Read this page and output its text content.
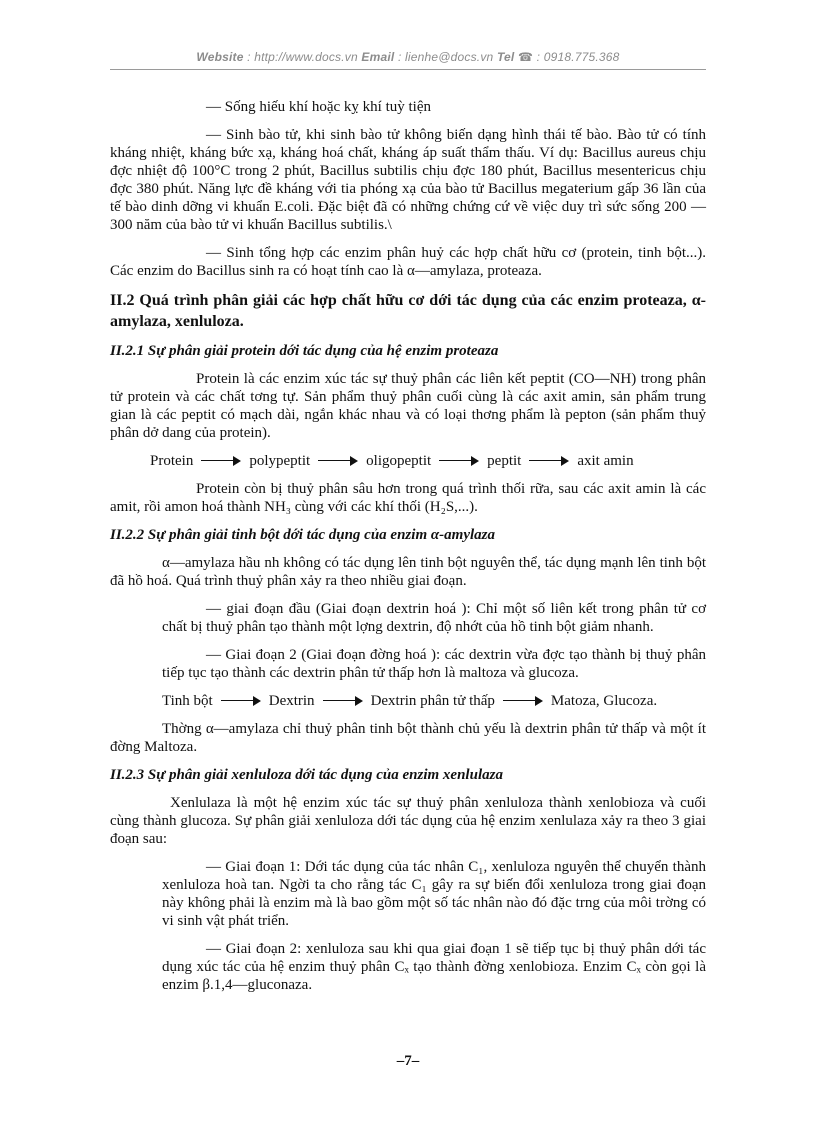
Website : http://www.docs.vn Email : lienhe@docs.vn Tel ☎ : 0918.775.368

— Sống hiếu khí hoặc kỵ khí tuỳ tiện

— Sinh bào tử, khi sinh bào tử không biến dạng hình thái tế bào. Bào tử có tính kháng nhiệt, kháng bức xạ, kháng hoá chất, kháng áp suất thẩm thấu. Ví dụ: Bacillus aureus chịu đợc nhiệt độ 100°C trong 2 phút, Bacillus subtilis chịu đợc 180 phút, Bacillus mesentericus chịu đợc 380 phút. Năng lực đề kháng với tia phóng xạ của bào tử Bacillus megaterium gấp 36 lần của tế bào dinh dỡng vi khuẩn E.coli. Đặc biệt đã có những chứng cứ về việc duy trì sức sống 200 — 300 năm của bào tử vi khuẩn Bacillus subtilis.\

— Sinh tổng hợp các enzim phân huỷ các hợp chất hữu cơ (protein, tinh bột...). Các enzim do Bacillus sinh ra có hoạt tính cao là α—amylaza, proteaza.

II.2 Quá trình phân giải các hợp chất hữu cơ dới tác dụng của các enzim proteaza, α-amylaza, xenluloza.
II.2.1 Sự phân giải protein dới tác dụng của hệ enzim proteaza

Protein là các enzim xúc tác sự thuỷ phân các liên kết peptit (CO—NH) trong phân tử protein và các chất tơng tự. Sản phẩm thuỷ phân cuối cùng là các axit amin, sản phẩm trung gian là các peptit có mạch dài, ngắn khác nhau và có loại thơng phẩm là pepton (sản phẩm thuỷ phân dở dang của protein).

Protein	polypeptit	oligopeptit	peptit	axit amin

Protein còn bị thuỷ phân sâu hơn trong quá trình thối rữa, sau các axit amin là các amit, rồi amon hoá thành NH₃ cùng với các khí thối (H₂S,...).

II.2.2 Sự phân giải tinh bột dới tác dụng của enzim α-amylaza

α—amylaza hầu nh không có tác dụng lên tinh bột nguyên thể, tác dụng mạnh lên tinh bột đã hồ hoá. Quá trình thuỷ phân xảy ra theo nhiều giai đoạn.

— giai đoạn đầu (Giai đoạn dextrin hoá ): Chỉ một số liên kết trong phân tử cơ chất bị thuỷ phân tạo thành một lợng dextrin, độ nhớt của hồ tinh bột giảm nhanh.

— Giai đoạn 2 (Giai đoạn đờng hoá ): các dextrin vừa đợc tạo thành bị thuỷ phân tiếp tục tạo thành các dextrin phân tử thấp hơn là maltoza và glucoza.

Tinh bột	Dextrin	Dextrin phân tử thấp	Matoza, Glucoza.

Thờng α—amylaza chỉ thuỷ phân tinh bột thành chủ yếu là dextrin phân tử thấp và một ít đờng Maltoza.

II.2.3 Sự phân giải xenluloza dới tác dụng của enzim xenlulaza

Xenlulaza là một hệ enzim xúc tác sự thuỷ phân xenluloza thành xenlobioza và cuối cùng thành glucoza. Sự phân giải xenluloza dới tác dụng của hệ enzim xenlulaza xảy ra theo 3 giai đoạn sau:

— Giai đoạn 1: Dới tác dụng của tác nhân C₁, xenluloza nguyên thể chuyển thành xenluloza hoà tan. Ngời ta cho rằng tác C₁ gây ra sự biến đổi xenluloza trong giai đoạn này không phải là enzim mà là bao gồm một số tác nhân nào đó đặc trng của môi trờng có vi sinh vật phát triển.

— Giai đoạn 2: xenluloza sau khi qua giai đoạn 1 sẽ tiếp tục bị thuỷ phân dới tác dụng xúc tác của hệ enzim thuỷ phân Cₓ tạo thành đờng xenlobioza. Enzim Cₓ còn gọi là enzim β.1,4—gluconaza.

–7–
